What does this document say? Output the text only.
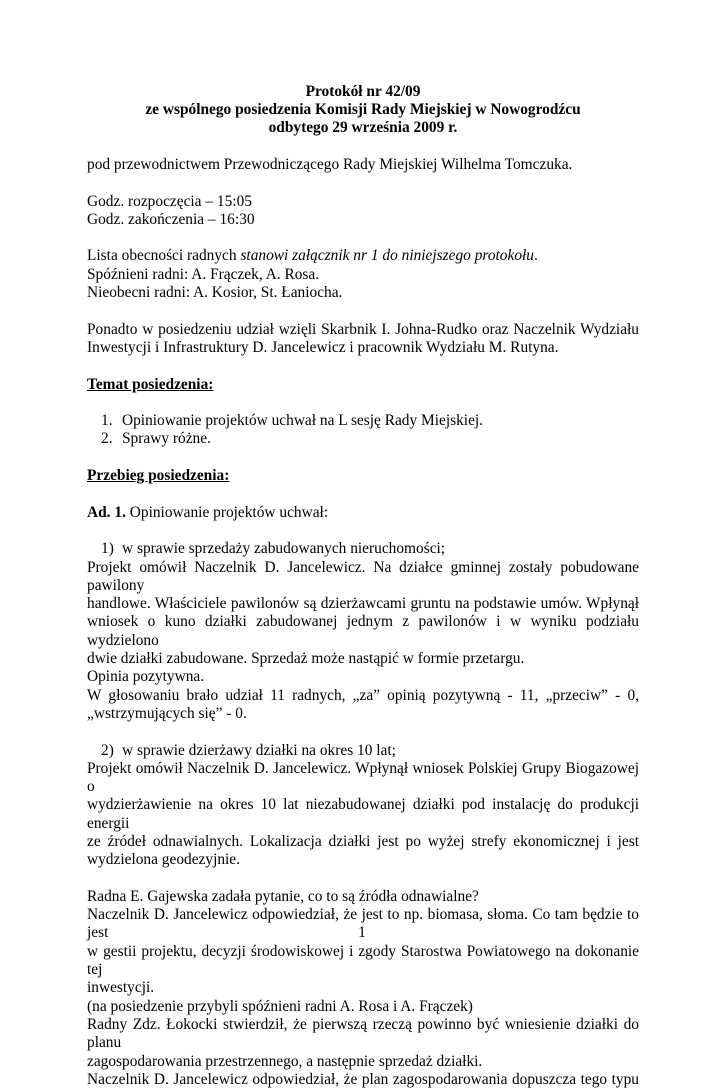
Protokół nr 42/09
ze wspólnego posiedzenia Komisji Rady Miejskiej w Nowogrodźcu
odbytego 29 września 2009 r.

pod przewodnictwem Przewodniczącego Rady Miejskiej Wilhelma Tomczuka.

Godz. rozpoczęcia – 15:05

Godz. zakończenia – 16:30

Lista obecności radnych stanowi załącznik nr 1 do niniejszego protokołu.

Spóźnieni radni: A. Frączek, A. Rosa.

Nieobecni radni: A. Kosior, St. Łaniocha.

Ponadto w posiedzeniu udział wzięli Skarbnik I. Johna-Rudko oraz Naczelnik Wydziału

Inwestycji i Infrastruktury D. Jancelewicz i pracownik Wydziału M. Rutyna.

Temat posiedzenia:

1. Opiniowanie projektów uchwał na L sesję Rady Miejskiej.

2. Sprawy różne.

Przebieg posiedzenia:

Ad. 1. Opiniowanie projektów uchwał:

1) w sprawie sprzedaży zabudowanych nieruchomości;

Projekt omówił Naczelnik D. Jancelewicz. Na działce gminnej zostały pobudowane pawilony

handlowe. Właściciele pawilonów są dzierżawcami gruntu na podstawie umów. Wpłynął

wniosek o kuno działki zabudowanej jednym z pawilonów i w wyniku podziału wydzielono

dwie działki zabudowane. Sprzedaż może nastąpić w formie przetargu.

Opinia pozytywna.

W głosowaniu brało udział 11 radnych, „za” opinią pozytywną - 11, „przeciw” - 0,

„wstrzymujących się” - 0.

2) w sprawie dzierżawy działki na okres 10 lat;

Projekt omówił Naczelnik D. Jancelewicz. Wpłynął wniosek Polskiej Grupy Biogazowej o

wydzierżawienie na okres 10 lat niezabudowanej działki pod instalację do produkcji energii

ze źródeł odnawialnych. Lokalizacja działki jest po wyżej strefy ekonomicznej i jest

wydzielona geodezyjnie.

Radna E. Gajewska zadała pytanie, co to są źródła odnawialne?

Naczelnik D. Jancelewicz odpowiedział, że jest to np. biomasa, słoma. Co tam będzie to jest

w gestii projektu, decyzji środowiskowej i zgody Starostwa Powiatowego na dokonanie tej

inwestycji.

(na posiedzenie przybyli spóźnieni radni A. Rosa i A. Frączek)

Radny Zdz. Łokocki stwierdził, że pierwszą rzeczą powinno być wniesienie działki do planu

zagospodarowania przestrzennego, a następnie sprzedaż działki.

Naczelnik D. Jancelewicz odpowiedział, że plan zagospodarowania dopuszcza tego typu

1
